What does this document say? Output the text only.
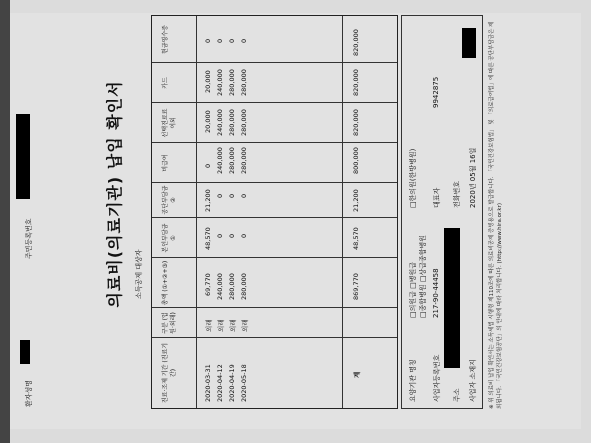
환자성명
주민등록번호	의료비(의료기관) 납입 확인서 소득공제 대상자
진료·조제 기간 (진료기간)
구분 (입원·외래)
총액 (①+②+③)
본인부담금 ①
공단부담금 ②
비급여
선택진료료 이외
카드
현금영수증
2020-03-31
외래
69,770
48,570
21,200
0
20,000
20,000
0
2020-04-12
외래
240,000
0
0
240,000
240,000
240,000
0
2020-04-19
외래
280,000
0
0
280,000
280,000
280,000
0
2020-05-18
외래
280,000
0
0
280,000
280,000
280,000
0
계
869,770
48,570
21,200
800,000
820,000
820,000
820,000
요양기관 명칭
□의원급 □병원급 □종합병원 □상급종합병원
□한의원(한방병원)
사업자등록번호
217-90-44458
대표자
9942875
주소
전화번호
사업자 소재지
2020년 05월 16일 ※ 위 의료비 납입 확인서는 소득세법 시행령 제110조에 따른 의료비공제 증빙용으로 발급합니다. 「국민건강보험법」 및 「의료급여법」에 따른 공단부담금은 제외됩니다. 「국민건강보험공단」의 안내에 따라 처리합니다. (http://www.hira.or.kr)
